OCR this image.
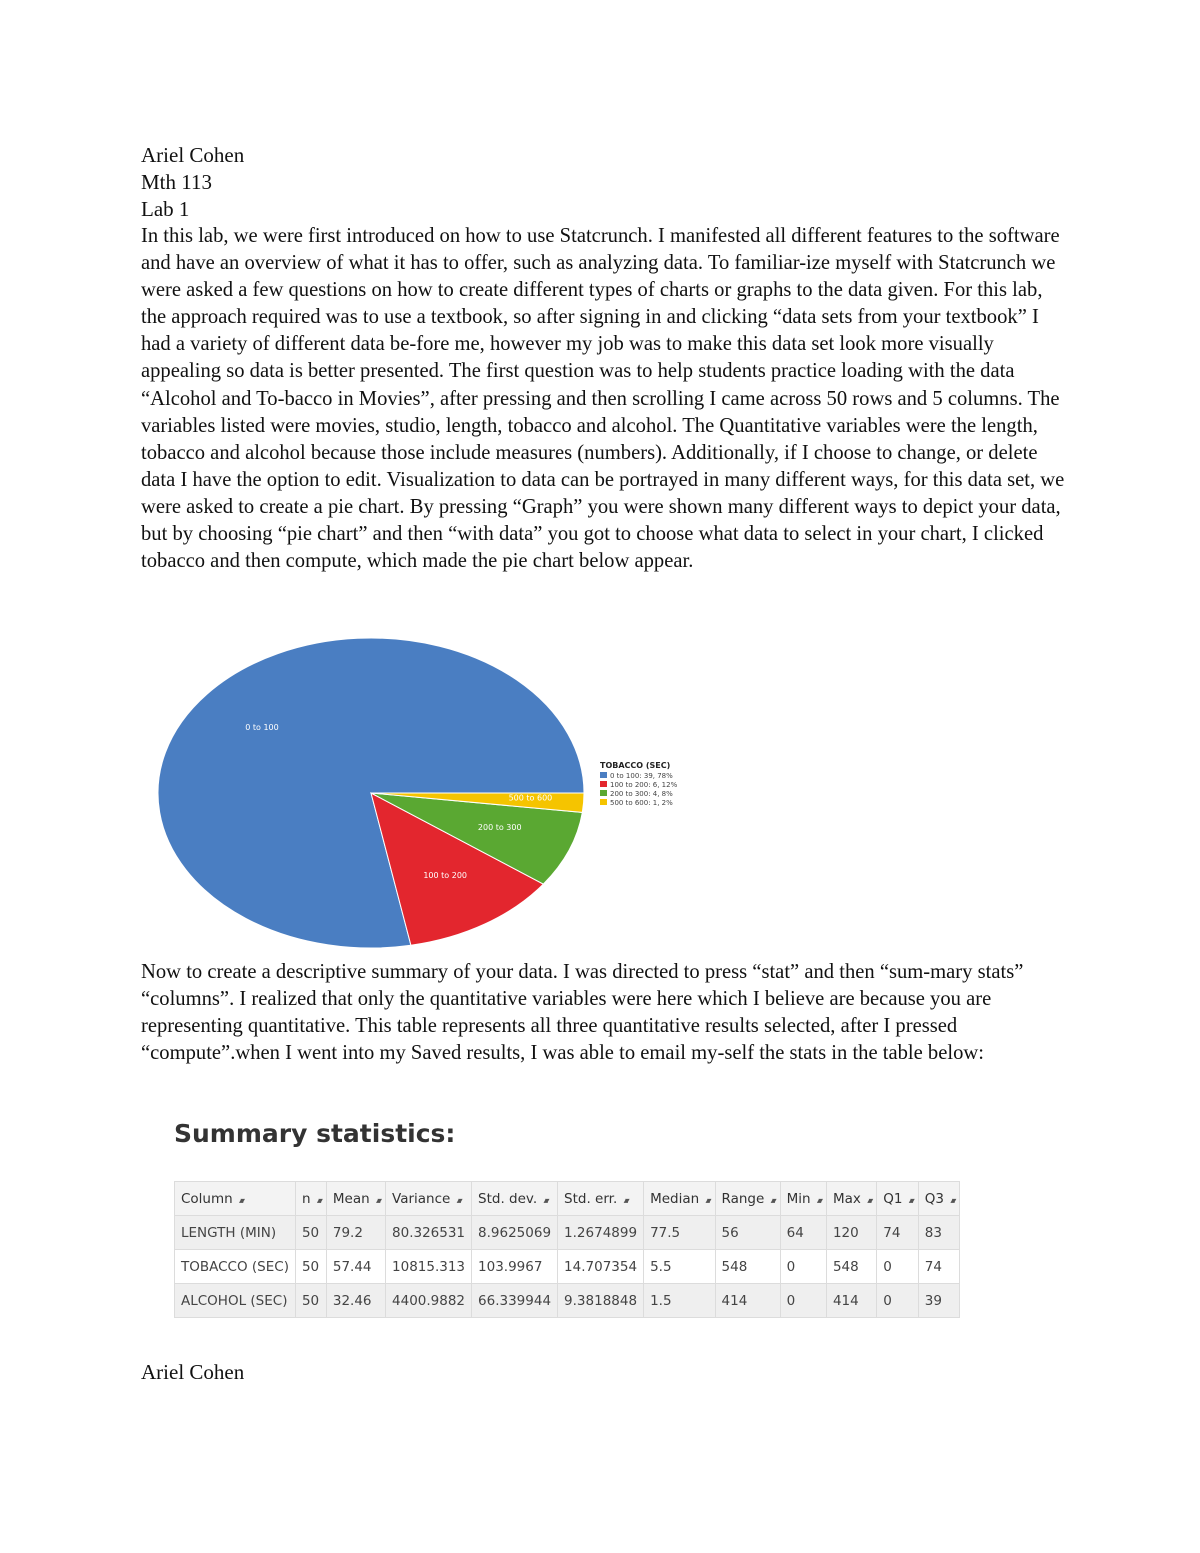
Ariel Cohen
Mth 113
Lab 1
In this lab, we were first introduced on how to use Statcrunch. I manifested all different features to the software and have an overview of what it has to offer, such as analyzing data. To familiar-ize myself with Statcrunch we were asked a few questions on how to create different types of charts or graphs to the data given. For this lab, the approach required was to use a textbook, so after signing in and clicking “data sets from your textbook” I had a variety of different data be-fore me, however my job was to make this data set look more visually appealing so data is better presented. The first question was to help students practice loading with the data “Alcohol and To-bacco in Movies”, after pressing and then scrolling I came across 50 rows and 5 columns. The variables listed were movies, studio, length, tobacco and alcohol. The Quantitative variables were the length, tobacco and alcohol because those include measures (numbers). Additionally, if I choose to change, or delete data I have the option to edit. Visualization to data can be portrayed in many different ways, for this data set, we were asked to create a pie chart. By pressing “Graph” you were shown many different ways to depict your data, but by choosing “pie chart” and then “with data” you got to choose what data to select in your chart, I clicked tobacco and then compute, which made the pie chart below appear.
0 to 100
100 to 200
200 to 300
500 to 600
TOBACCO (SEC)
0 to 100: 39, 78%
100 to 200: 6, 12%
200 to 300: 4, 8%
500 to 600: 1, 2%
Now to create a descriptive summary of your data. I was directed to press “stat” and then “sum-mary stats” “columns”. I realized that only the quantitative variables were here which I believe are because you are representing quantitative. This table represents all three quantitative results selected, after I pressed “compute”.when I went into my Saved results, I was able to email my-self the stats in the table below:
Summary statistics:
Column ▴▾	n ▴▾	Mean ▴▾	Variance ▴▾	Std. dev. ▴▾	Std. err. ▴▾	Median ▴▾	Range ▴▾	Min ▴▾	Max ▴▾	Q1 ▴▾	Q3 ▴▾
LENGTH (MIN)	50	79.2	80.326531	8.9625069	1.2674899	77.5	56	64	120	74	83
TOBACCO (SEC)	50	57.44	10815.313	103.9967	14.707354	5.5	548	0	548	0	74
ALCOHOL (SEC)	50	32.46	4400.9882	66.339944	9.3818848	1.5	414	0	414	0	39
Ariel Cohen
